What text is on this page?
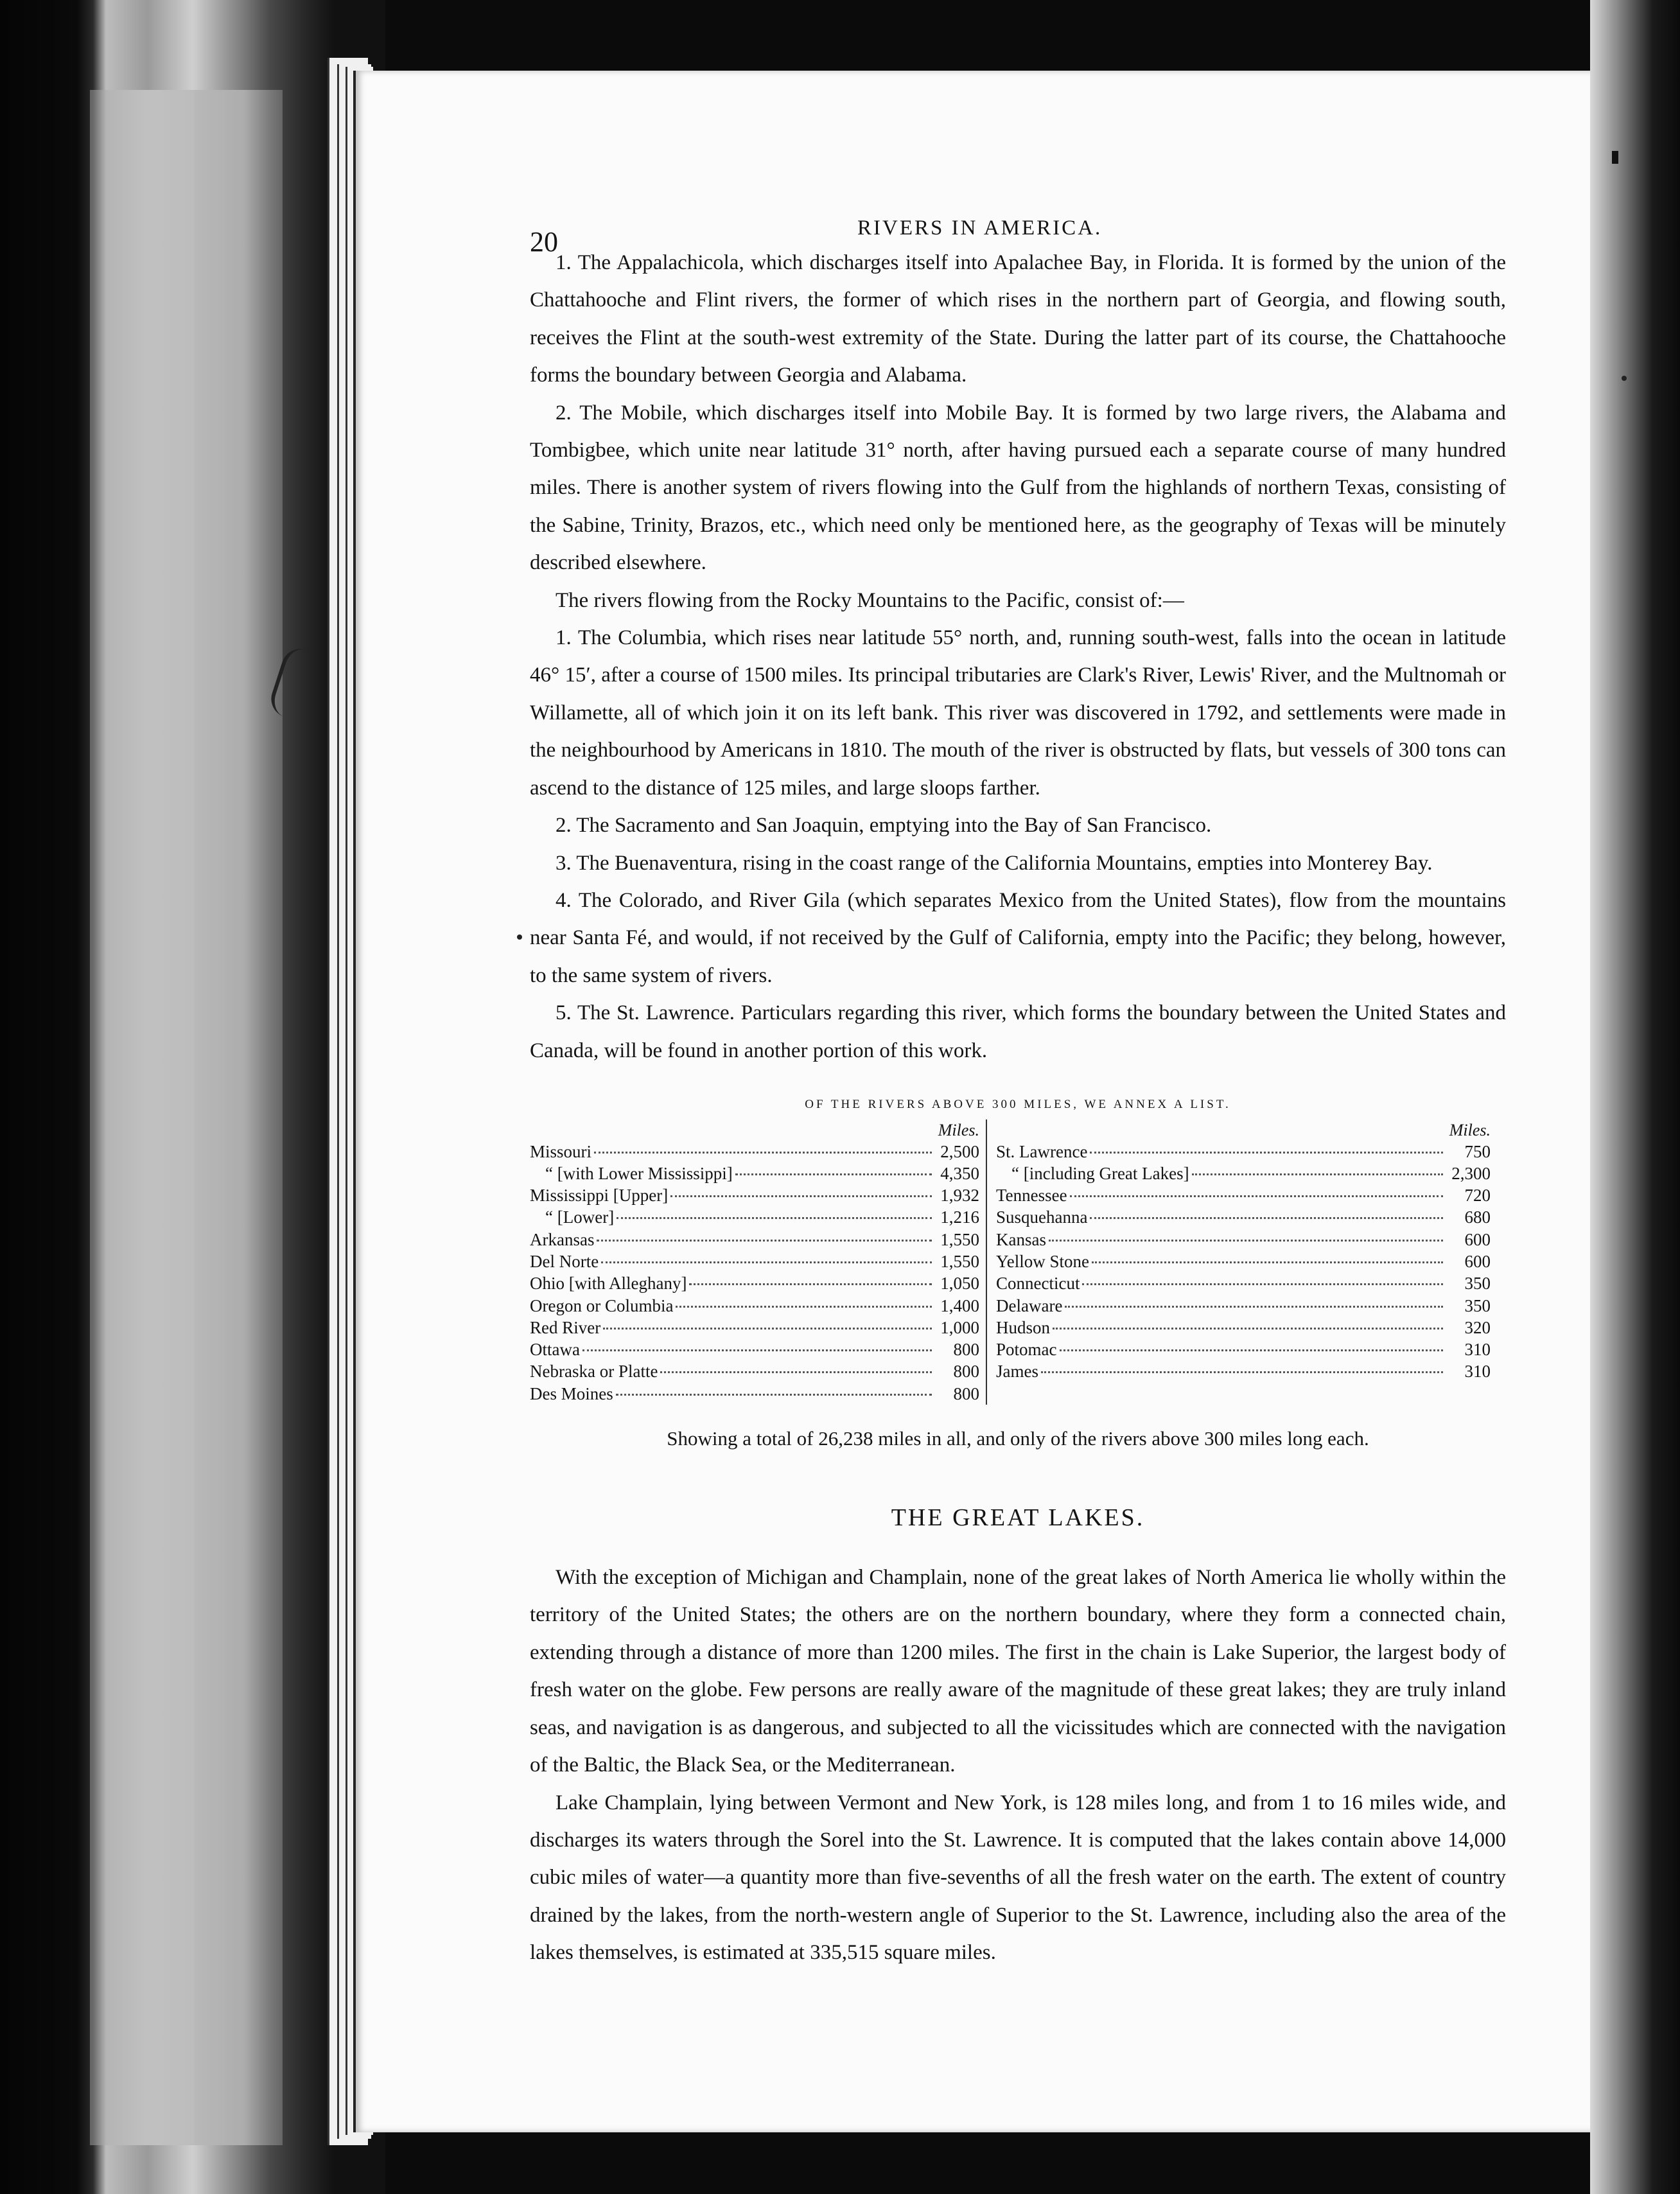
20	RIVERS IN AMERICA.

1. The Appalachicola, which discharges itself into Apalachee Bay, in Florida. It is formed by the union of the Chattahooche and Flint rivers, the former of which rises in the northern part of Georgia, and flowing south, receives the Flint at the south-west extremity of the State. During the latter part of its course, the Chattahooche forms the boundary between Georgia and Alabama.

2. The Mobile, which discharges itself into Mobile Bay. It is formed by two large rivers, the Alabama and Tombigbee, which unite near latitude 31° north, after having pursued each a separate course of many hundred miles. There is another system of rivers flowing into the Gulf from the highlands of northern Texas, consisting of the Sabine, Trinity, Brazos, etc., which need only be mentioned here, as the geography of Texas will be minutely described elsewhere.

The rivers flowing from the Rocky Mountains to the Pacific, consist of:—

1. The Columbia, which rises near latitude 55° north, and, running south-west, falls into the ocean in latitude 46° 15′, after a course of 1500 miles. Its principal tributaries are Clark's River, Lewis' River, and the Multnomah or Willamette, all of which join it on its left bank. This river was discovered in 1792, and settlements were made in the neighbourhood by Americans in 1810. The mouth of the river is obstructed by flats, but vessels of 300 tons can ascend to the distance of 125 miles, and large sloops farther.

2. The Sacramento and San Joaquin, emptying into the Bay of San Francisco.

3. The Buenaventura, rising in the coast range of the California Mountains, empties into Monterey Bay.

4. The Colorado, and River Gila (which separates Mexico from the United States), flow from the mountains near Santa Fé, and would, if not received by the Gulf of California, empty into the Pacific; they belong, however, to the same system of rivers.

5. The St. Lawrence. Particulars regarding this river, which forms the boundary between the United States and Canada, will be found in another portion of this work.

OF THE RIVERS ABOVE 300 MILES, WE ANNEX A LIST.
Miles.
Missouri	2,500
“ [with Lower Mississippi]	4,350
Mississippi [Upper]	1,932
“ [Lower]	1,216
Arkansas	1,550
Del Norte	1,550
Ohio [with Alleghany]	1,050
Oregon or Columbia	1,400
Red River	1,000
Ottawa	800
Nebraska or Platte	800
Des Moines	800
Miles.
St. Lawrence	750
“ [including Great Lakes]	2,300
Tennessee	720
Susquehanna	680
Kansas	600
Yellow Stone	600
Connecticut	350
Delaware	350
Hudson	320
Potomac	310
James	310

Showing a total of 26,238 miles in all, and only of the rivers above 300 miles long each.

THE GREAT LAKES.

With the exception of Michigan and Champlain, none of the great lakes of North America lie wholly within the territory of the United States; the others are on the northern boundary, where they form a connected chain, extending through a distance of more than 1200 miles. The first in the chain is Lake Superior, the largest body of fresh water on the globe. Few persons are really aware of the magnitude of these great lakes; they are truly inland seas, and navigation is as dangerous, and subjected to all the vicissitudes which are connected with the navigation of the Baltic, the Black Sea, or the Mediterranean.

Lake Champlain, lying between Vermont and New York, is 128 miles long, and from 1 to 16 miles wide, and discharges its waters through the Sorel into the St. Lawrence. It is computed that the lakes contain above 14,000 cubic miles of water—a quantity more than five-sevenths of all the fresh water on the earth. The extent of country drained by the lakes, from the north-western angle of Superior to the St. Lawrence, including also the area of the lakes themselves, is estimated at 335,515 square miles.
